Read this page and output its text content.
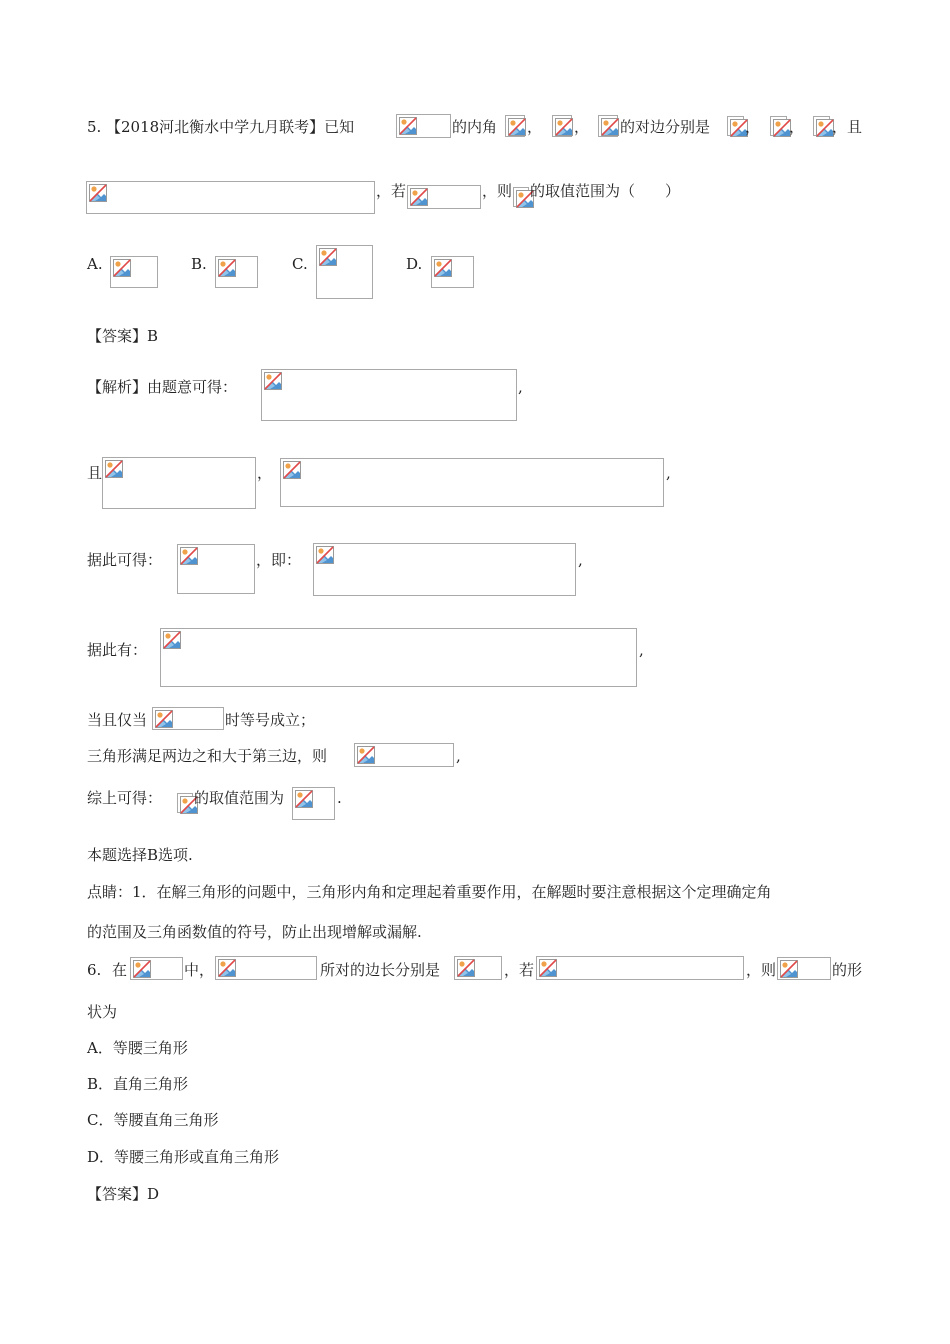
5. 【2018河北衡水中学九月联考】已知	的内角 ， ， 的对边分别是 ， ， ，且
，若	，则 的取值范围为（　　）
A.	B.	C.	D.
【答案】B
【解析】由题意可得：	,
且	，	,
据此可得：	，即：	,
据此有：	,
当且仅当	时等号成立；
三角形满足两边之和大于第三边，则	,
综上可得： 的取值范围为	.
本题选择B选项.
点睛：1．在解三角形的问题中，三角形内角和定理起着重要作用，在解题时要注意根据这个定理确定角
的范围及三角函数值的符号，防止出现增解或漏解.
6. 在	中，	所对的边长分别是	，若	，则	的形
状为
A．等腰三角形
B．直角三角形
C．等腰直角三角形
D．等腰三角形或直角三角形
【答案】D
